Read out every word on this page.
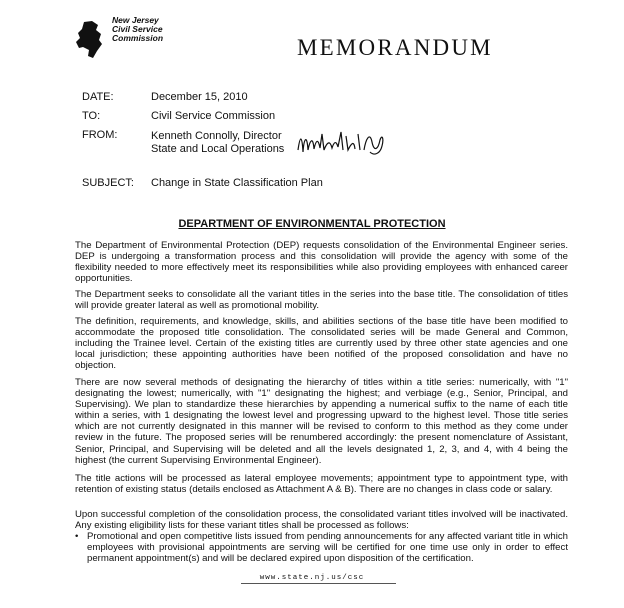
New Jersey
Civil Service
Commission	MEMORANDUM
DATE:	December 15, 2010
TO:	Civil Service Commission
FROM:	Kenneth Connolly, Director
State and Local Operations
SUBJECT: Change in State Classification Plan
DEPARTMENT OF ENVIRONMENTAL PROTECTION
The Department of Environmental Protection (DEP) requests consolidation of the Environmental Engineer series. DEP is undergoing a transformation process and this consolidation will provide the agency with some of the flexibility needed to more effectively meet its responsibilities while also providing employees with enhanced career opportunities.
The Department seeks to consolidate all the variant titles in the series into the base title. The consolidation of titles will provide greater lateral as well as promotional mobility.
The definition, requirements, and knowledge, skills, and abilities sections of the base title have been modified to accommodate the proposed title consolidation. The consolidated series will be made General and Common, including the Trainee level. Certain of the existing titles are currently used by three other state agencies and one local jurisdiction; these appointing authorities have been notified of the proposed consolidation and have no objection.
There are now several methods of designating the hierarchy of titles within a title series: numerically, with "1" designating the lowest; numerically, with "1" designating the highest; and verbiage (e.g., Senior, Principal, and Supervising). We plan to standardize these hierarchies by appending a numerical suffix to the name of each title within a series, with 1 designating the lowest level and progressing upward to the highest level. Those title series which are not currently designated in this manner will be revised to conform to this method as they come under review in the future. The proposed series will be renumbered accordingly: the present nomenclature of Assistant, Senior, Principal, and Supervising will be deleted and all the levels designated 1, 2, 3, and 4, with 4 being the highest (the current Supervising Environmental Engineer).
The title actions will be processed as lateral employee movements; appointment type to appointment type, with retention of existing status (details enclosed as Attachment A & B). There are no changes in class code or salary.
Upon successful completion of the consolidation process, the consolidated variant titles involved will be inactivated. Any existing eligibility lists for these variant titles shall be processed as follows:
• Promotional and open competitive lists issued from pending announcements for any affected variant title in which employees with provisional appointments are serving will be certified for one time use only in order to effect permanent appointment(s) and will be declared expired upon disposition of the certification.
www.state.nj.us/csc
